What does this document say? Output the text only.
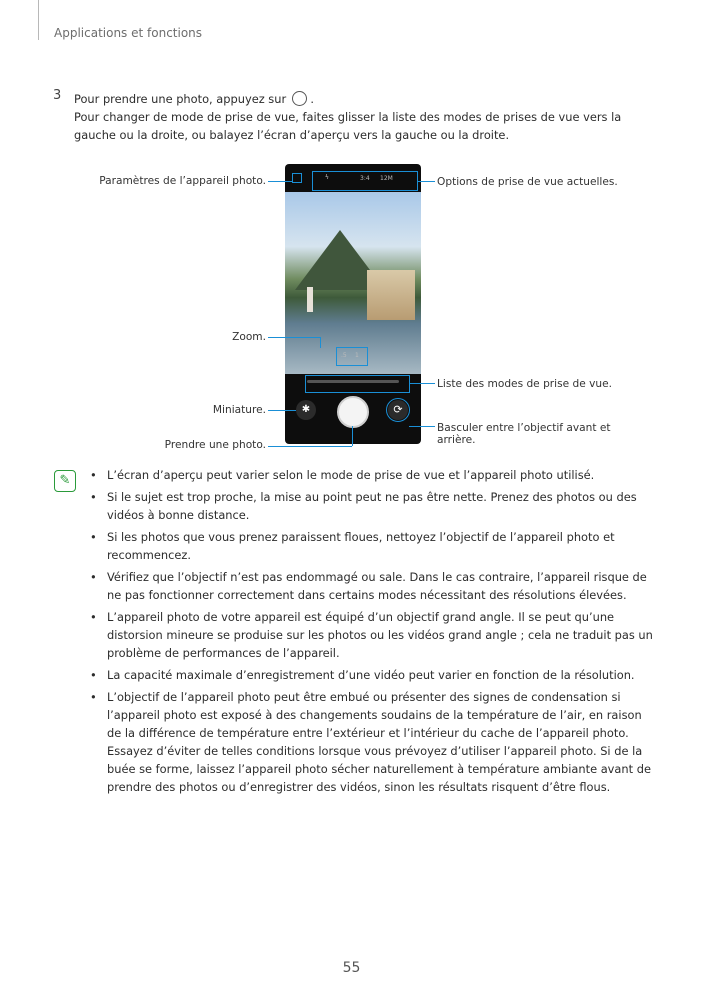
Applications et fonctions
3 Pour prendre une photo, appuyez sur .
Pour changer de mode de prise de vue, faites glisser la liste des modes de prises de vue vers la gauche ou la droite, ou balayez l’écran d’aperçu vers la gauche ou la droite.
Paramètres de l’appareil photo.	Options de prise de vue actuelles.
Zoom.
Liste des modes de prise de vue.
Miniature.
Prendre une photo.
Basculer entre l’objectif avant et arrière.
ϟ	3:4 12M
.5 1
✱	⟳
✎
•	L’écran d’aperçu peut varier selon le mode de prise de vue et l’appareil photo utilisé.
• Si le sujet est trop proche, la mise au point peut ne pas être nette. Prenez des photos ou des vidéos à bonne distance.
• Si les photos que vous prenez paraissent floues, nettoyez l’objectif de l’appareil photo et recommencez.
• Vérifiez que l’objectif n’est pas endommagé ou sale. Dans le cas contraire, l’appareil risque de ne pas fonctionner correctement dans certains modes nécessitant des résolutions élevées.
• L’appareil photo de votre appareil est équipé d’un objectif grand angle. Il se peut qu’une distorsion mineure se produise sur les photos ou les vidéos grand angle ; cela ne traduit pas un problème de performances de l’appareil.
• La capacité maximale d’enregistrement d’une vidéo peut varier en fonction de la résolution.
• L’objectif de l’appareil photo peut être embué ou présenter des signes de condensation si l’appareil photo est exposé à des changements soudains de la température de l’air, en raison de la différence de température entre l’extérieur et l’intérieur du cache de l’appareil photo. Essayez d’éviter de telles conditions lorsque vous prévoyez d’utiliser l’appareil photo. Si de la buée se forme, laissez l’appareil photo sécher naturellement à température ambiante avant de prendre des photos ou d’enregistrer des vidéos, sinon les résultats risquent d’être flous.
55
